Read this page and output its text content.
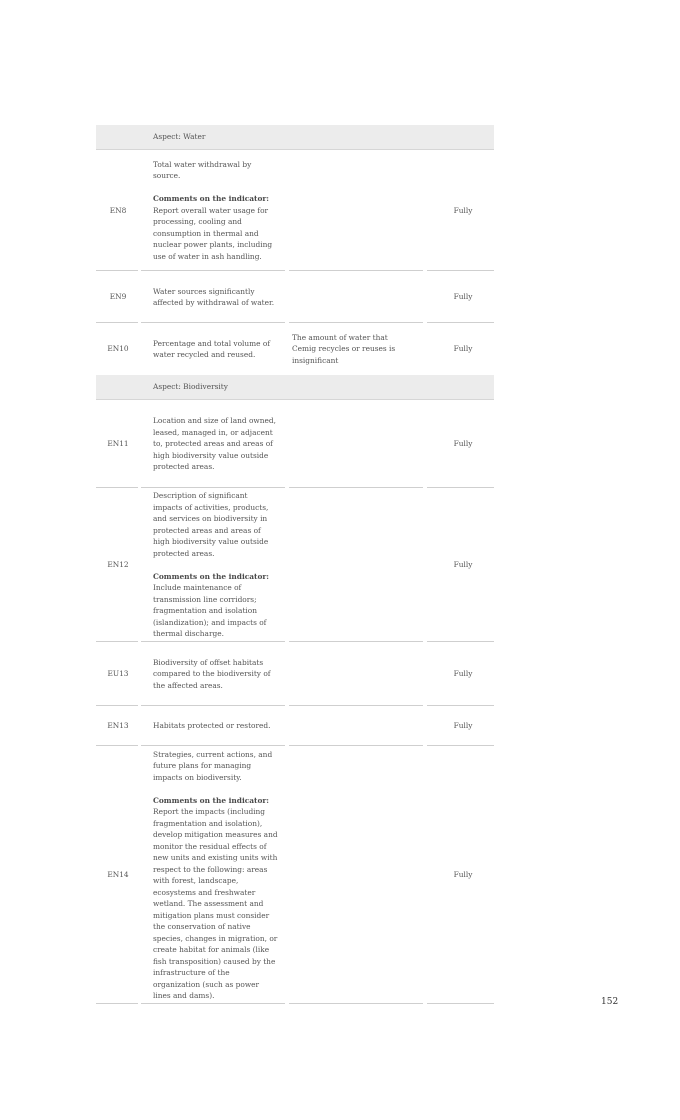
Aspect: Water
EN8

Total water withdrawal by source.

Comments on the indicator: Report overall water usage for processing, cooling and consumption in thermal and nuclear power plants, including use of water in ash handling.

Fully
EN9

Water sources significantly affected by withdrawal of water.

Fully
EN10

Percentage and total volume of water recycled and reused.

The amount of water that Cemig recycles or reuses is insignificant
Fully
Aspect: Biodiversity
EN11

Location and size of land owned, leased, managed in, or adjacent to, protected areas and areas of high biodiversity value outside protected areas.

Fully
EN12

Description of significant impacts of activities, products, and services on biodiversity in protected areas and areas of high biodiversity value outside protected areas.

Comments on the indicator: Include maintenance of transmission line corridors; fragmentation and isolation (islandization); and impacts of thermal discharge.

Fully
EU13

Biodiversity of offset habitats compared to the biodiversity of the affected areas.

Fully
EN13	Habitats protected or restored.	Fully
EN14

Strategies, current actions, and future plans for managing impacts on biodiversity.

Comments on the indicator: Report the impacts (including fragmentation and isolation), develop mitigation measures and monitor the residual effects of new units and existing units with respect to the following: areas with forest, landscape, ecosystems and freshwater wetland. The assessment and mitigation plans must consider the conservation of native species, changes in migration, or create habitat for animals (like fish transposition) caused by the infrastructure of the organization (such as power lines and dams).

Fully
152
